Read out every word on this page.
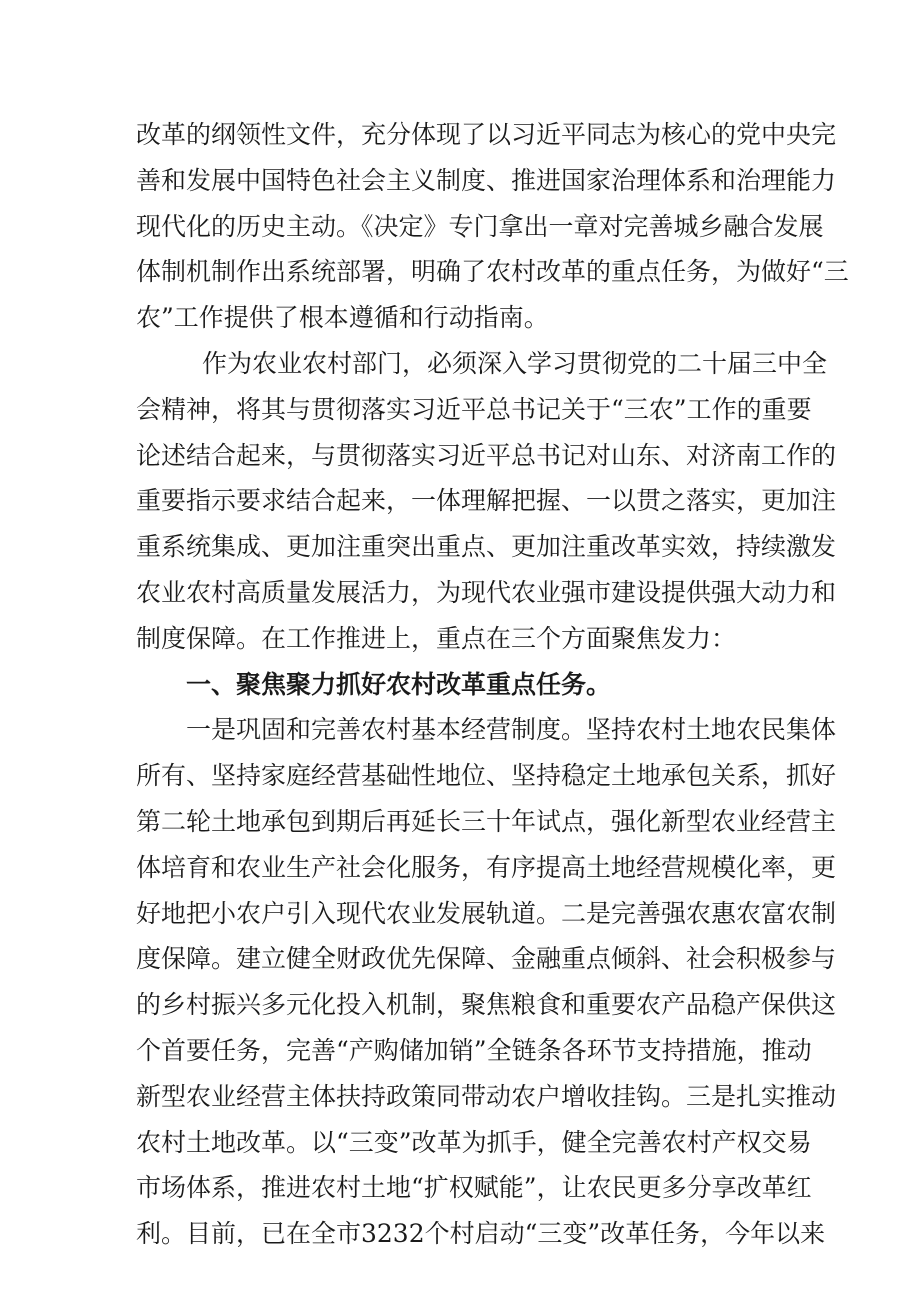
改革的纲领性文件，充分体现了以习近平同志为核心的党中央完
善和发展中国特色社会主义制度、推进国家治理体系和治理能力
现代化的历史主动。《决定》专门拿出一章对完善城乡融合发展
体制机制作出系统部署，明确了农村改革的重点任务，为做好“三
农”工作提供了根本遵循和行动指南。
作为农业农村部门，必须深入学习贯彻党的二十届三中全
会精神，将其与贯彻落实习近平总书记关于“三农”工作的重要
论述结合起来，与贯彻落实习近平总书记对山东、对济南工作的
重要指示要求结合起来，一体理解把握、一以贯之落实，更加注
重系统集成、更加注重突出重点、更加注重改革实效，持续激发
农业农村高质量发展活力，为现代农业强市建设提供强大动力和
制度保障。在工作推进上，重点在三个方面聚焦发力：
一、聚焦聚力抓好农村改革重点任务。
一是巩固和完善农村基本经营制度。坚持农村土地农民集体
所有、坚持家庭经营基础性地位、坚持稳定土地承包关系，抓好
第二轮土地承包到期后再延长三十年试点，强化新型农业经营主
体培育和农业生产社会化服务，有序提高土地经营规模化率，更
好地把小农户引入现代农业发展轨道。二是完善强农惠农富农制
度保障。建立健全财政优先保障、金融重点倾斜、社会积极参与
的乡村振兴多元化投入机制，聚焦粮食和重要农产品稳产保供这
个首要任务，完善“产购储加销”全链条各环节支持措施，推动
新型农业经营主体扶持政策同带动农户增收挂钩。三是扎实推动
农村土地改革。以“三变”改革为抓手，健全完善农村产权交易
市场体系，推进农村土地“扩权赋能”，让农民更多分享改革红
利。目前，已在全市3232个村启动“三变”改革任务，今年以来
